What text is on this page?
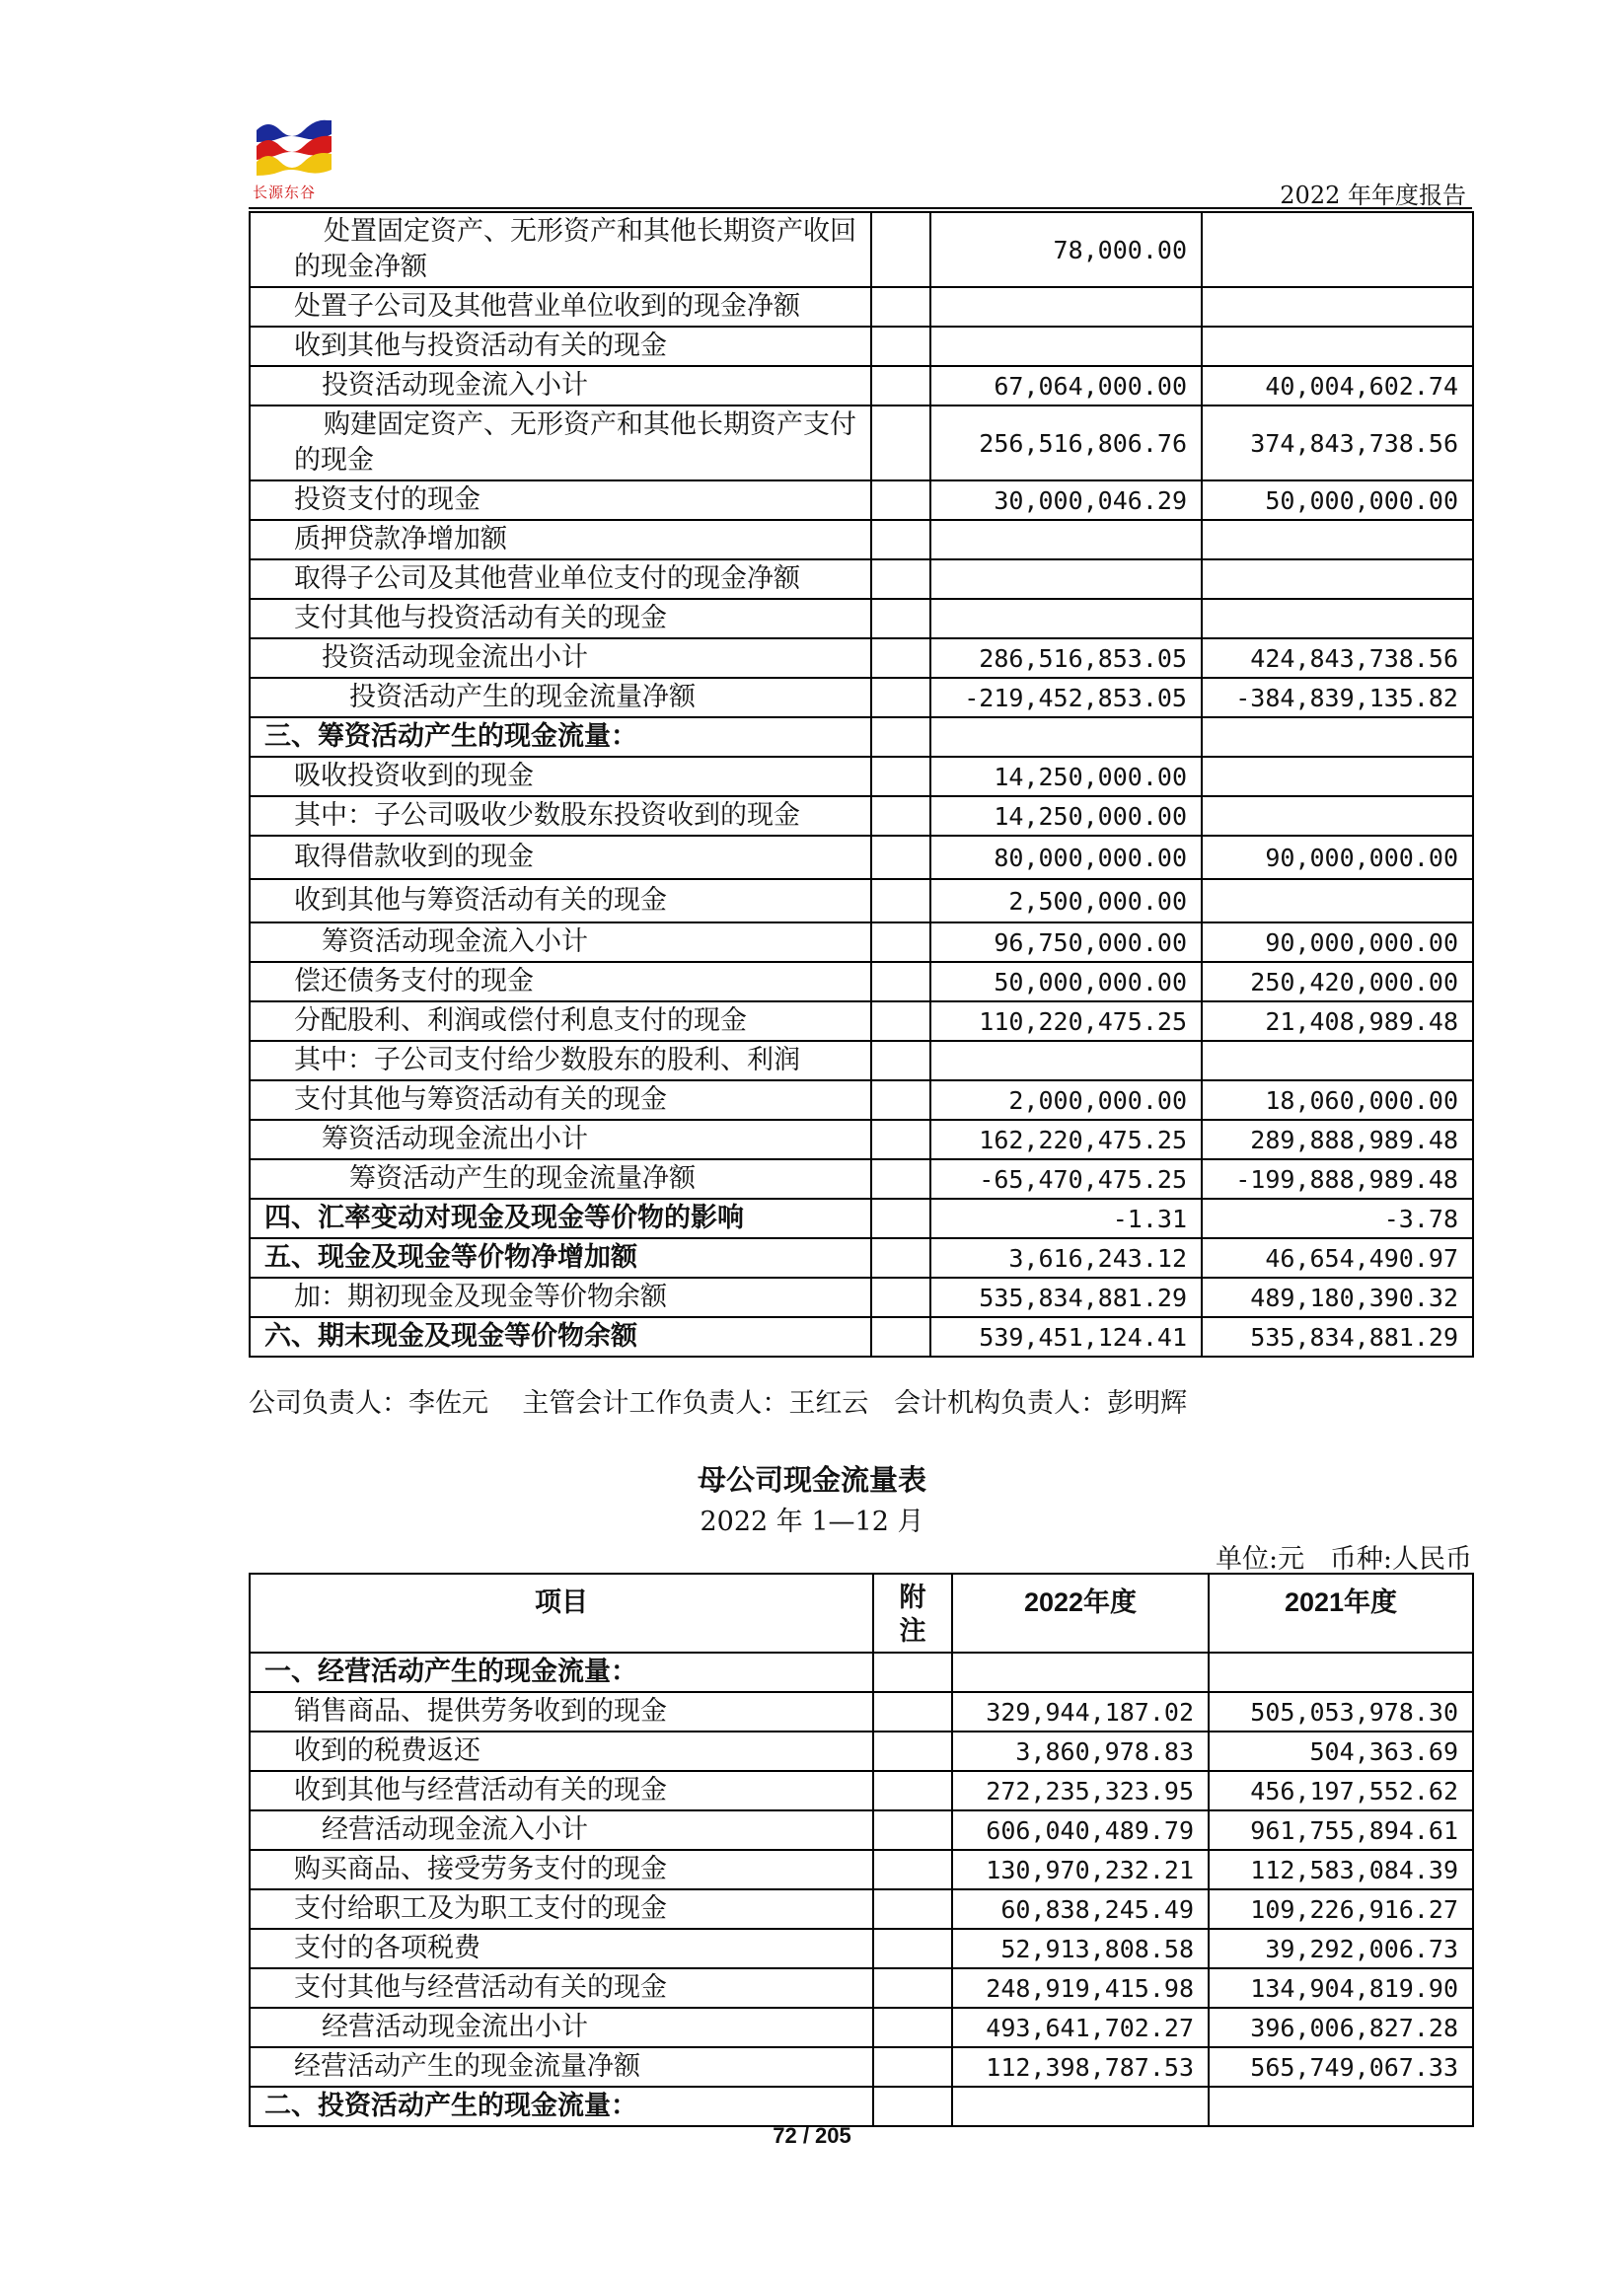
长源东谷	2022 年年度报告
处置固定资产、无形资产和其他长期资产收回的现金净额		78,000.00	
处置子公司及其他营业单位收到的现金净额			
收到其他与投资活动有关的现金			
投资活动现金流入小计		67,064,000.00	40,004,602.74
购建固定资产、无形资产和其他长期资产支付的现金		256,516,806.76	374,843,738.56
投资支付的现金		30,000,046.29	50,000,000.00
质押贷款净增加额			
取得子公司及其他营业单位支付的现金净额			
支付其他与投资活动有关的现金			
投资活动现金流出小计		286,516,853.05	424,843,738.56
投资活动产生的现金流量净额		-219,452,853.05	-384,839,135.82
三、筹资活动产生的现金流量：			
吸收投资收到的现金		14,250,000.00	
其中：子公司吸收少数股东投资收到的现金		14,250,000.00	
取得借款收到的现金		80,000,000.00	90,000,000.00
收到其他与筹资活动有关的现金		2,500,000.00	
筹资活动现金流入小计		96,750,000.00	90,000,000.00
偿还债务支付的现金		50,000,000.00	250,420,000.00
分配股利、利润或偿付利息支付的现金		110,220,475.25	21,408,989.48
其中：子公司支付给少数股东的股利、利润			
支付其他与筹资活动有关的现金		2,000,000.00	18,060,000.00
筹资活动现金流出小计		162,220,475.25	289,888,989.48
筹资活动产生的现金流量净额		-65,470,475.25	-199,888,989.48
四、汇率变动对现金及现金等价物的影响		-1.31	-3.78
五、现金及现金等价物净增加额		3,616,243.12	46,654,490.97
加：期初现金及现金等价物余额		535,834,881.29	489,180,390.32
六、期末现金及现金等价物余额		539,451,124.41	535,834,881.29
公司负责人：李佐元    主管会计工作负责人：王红云   会计机构负责人：彭明辉
母公司现金流量表
2022 年 1—12 月
单位:元   币种:人民币
项目	附注	2022年度	2021年度
一、经营活动产生的现金流量：			
销售商品、提供劳务收到的现金		329,944,187.02	505,053,978.30
收到的税费返还		3,860,978.83	504,363.69
收到其他与经营活动有关的现金		272,235,323.95	456,197,552.62
经营活动现金流入小计		606,040,489.79	961,755,894.61
购买商品、接受劳务支付的现金		130,970,232.21	112,583,084.39
支付给职工及为职工支付的现金		60,838,245.49	109,226,916.27
支付的各项税费		52,913,808.58	39,292,006.73
支付其他与经营活动有关的现金		248,919,415.98	134,904,819.90
经营活动现金流出小计		493,641,702.27	396,006,827.28
经营活动产生的现金流量净额		112,398,787.53	565,749,067.33
二、投资活动产生的现金流量：			
72 / 205
